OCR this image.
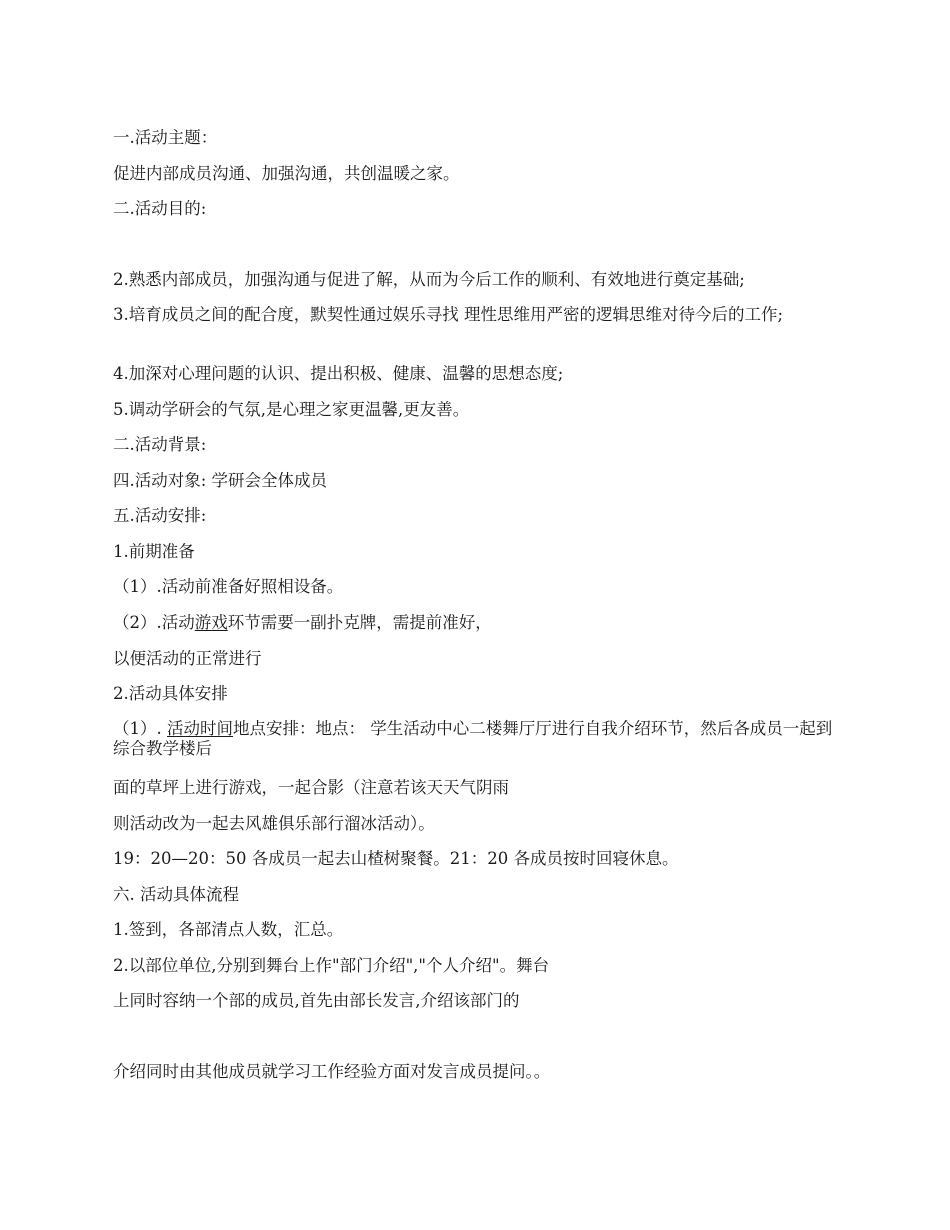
一.活动主题：
促进内部成员沟通、加强沟通，共创温暖之家。
二.活动目的:
2.熟悉内部成员，加强沟通与促进了解，从而为今后工作的顺利、有效地进行奠定基础;
3.培育成员之间的配合度，默契性通过娱乐寻找 理性思维用严密的逻辑思维对待今后的工作;
4.加深对心理问题的认识、提出积极、健康、温馨的思想态度;
5.调动学研会的气氛,是心理之家更温馨,更友善。
二.活动背景:
四.活动对象: 学研会全体成员
五.活动安排:
1.前期准备
（1）.活动前准备好照相设备。
（2）.活动游戏环节需要一副扑克牌，需提前准好，
以便活动的正常进行
2.活动具体安排
（1）. 活动时间地点安排：地点： 学生活动中心二楼舞厅厅进行自我介绍环节，然后各成员一起到综合教学楼后
面的草坪上进行游戏，一起合影（注意若该天天气阴雨
则活动改为一起去风雄俱乐部行溜冰活动）。
19：20—20：50 各成员一起去山楂树聚餐。21：20 各成员按时回寝休息。
六. 活动具体流程
1.签到，各部清点人数，汇总。
2.以部位单位,分别到舞台上作"部门介绍","个人介绍"。舞台
上同时容纳一个部的成员,首先由部长发言,介绍该部门的
介绍同时由其他成员就学习工作经验方面对发言成员提问。。
